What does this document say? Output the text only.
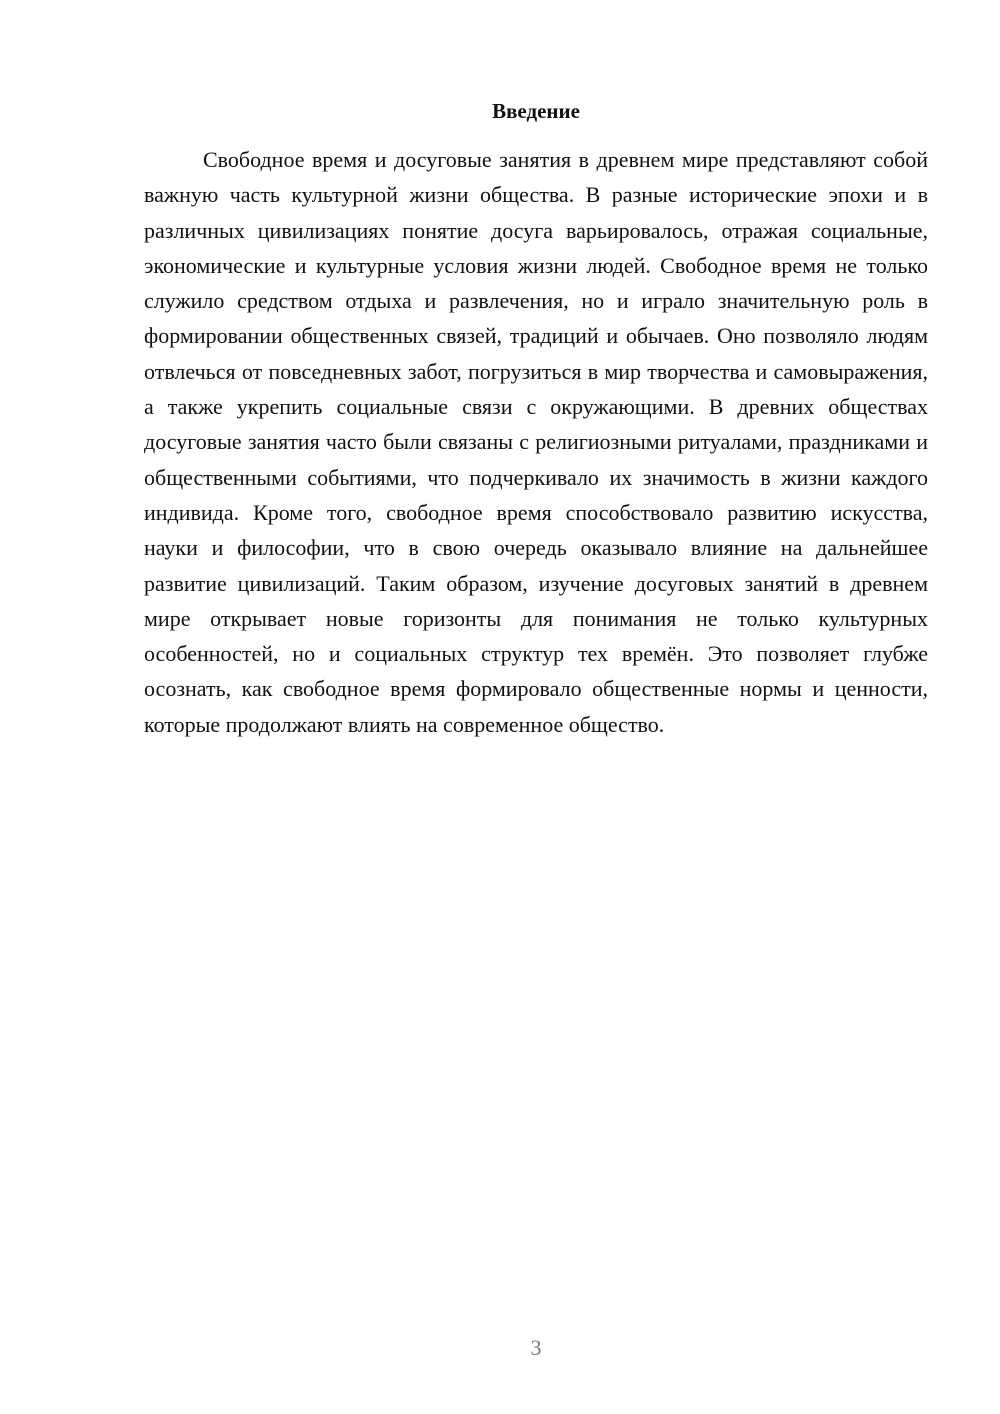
Введение

Свободное время и досуговые занятия в древнем мире представляют собой важную часть культурной жизни общества. В разные исторические эпохи и в различных цивилизациях понятие досуга варьировалось, отражая социальные, экономические и культурные условия жизни людей. Свободное время не только служило средством отдыха и развлечения, но и играло значительную роль в формировании общественных связей, традиций и обычаев. Оно позволяло людям отвлечься от повседневных забот, погрузиться в мир творчества и самовыражения, а также укрепить социальные связи с окружающими. В древних обществах досуговые занятия часто были связаны с религиозными ритуалами, праздниками и общественными событиями, что подчеркивало их значимость в жизни каждого индивида. Кроме того, свободное время способствовало развитию искусства, науки и философии, что в свою очередь оказывало влияние на дальнейшее развитие цивилизаций. Таким образом, изучение досуговых занятий в древнем мире открывает новые горизонты для понимания не только культурных особенностей, но и социальных структур тех времён. Это позволяет глубже осознать, как свободное время формировало общественные нормы и ценности, которые продолжают влиять на современное общество.

3
